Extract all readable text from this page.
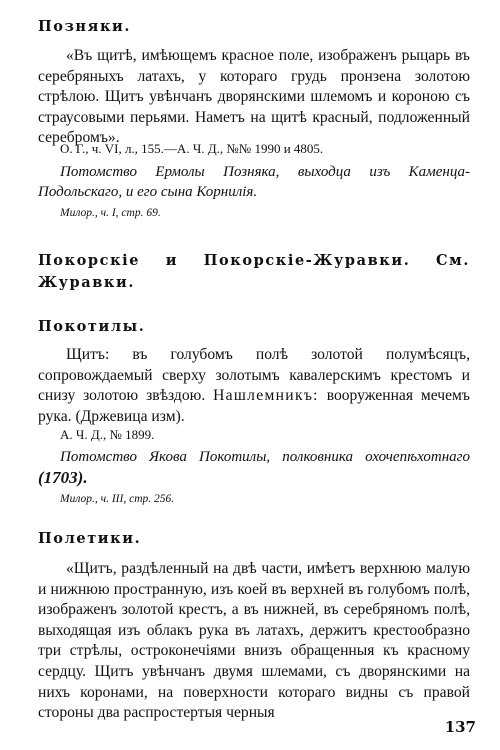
Позняки.

«Въ щитѣ, имѣющемъ красное поле, изображенъ рыцарь въ серебряныхъ латахъ, у котораго грудь пронзена золотою стрѣлою. Щитъ увѣнчанъ дворянскими шлемомъ и короною съ страусовыми перьями. Наметъ на щитѣ красный, подложенный серебромъ».

О. Г., ч. VI, л., 155.—А. Ч. Д., №№ 1990 и 4805.

Потомство Ермолы Позняка, выходца изъ Каменца-Подольскаго, и его сына Корнилія.

Милор., ч. I, стр. 69.

Покорскіе и Покорскіе-Журавки. См. Журавки.

Покотилы.

Щитъ: въ голубомъ полѣ золотой полумѣсяцъ, сопровождаемый сверху золотымъ кавалерскимъ крестомъ и снизу золотою звѣздою. Нашлемникъ: вооруженная мечемъ рука. (Држевица изм).

А. Ч. Д., № 1899.

Потомство Якова Покотилы, полковника охочепѣхотнаго (1703).

Милор., ч. III, стр. 256.

Полетики.

«Щитъ, раздѣленный на двѣ части, имѣетъ верхнюю малую и нижнюю пространную, изъ коей въ верхней въ голубомъ полѣ, изображенъ золотой крестъ, а въ нижней, въ серебряномъ полѣ, выходящая изъ облакъ рука въ латахъ, держитъ крестообразно три стрѣлы, остроконечіями внизъ обращенныя къ красному сердцу. Щитъ увѣнчанъ двумя шлемами, съ дворянскими на нихъ коронами, на поверхности котораго видны съ правой стороны два распростертыя черныя

137
